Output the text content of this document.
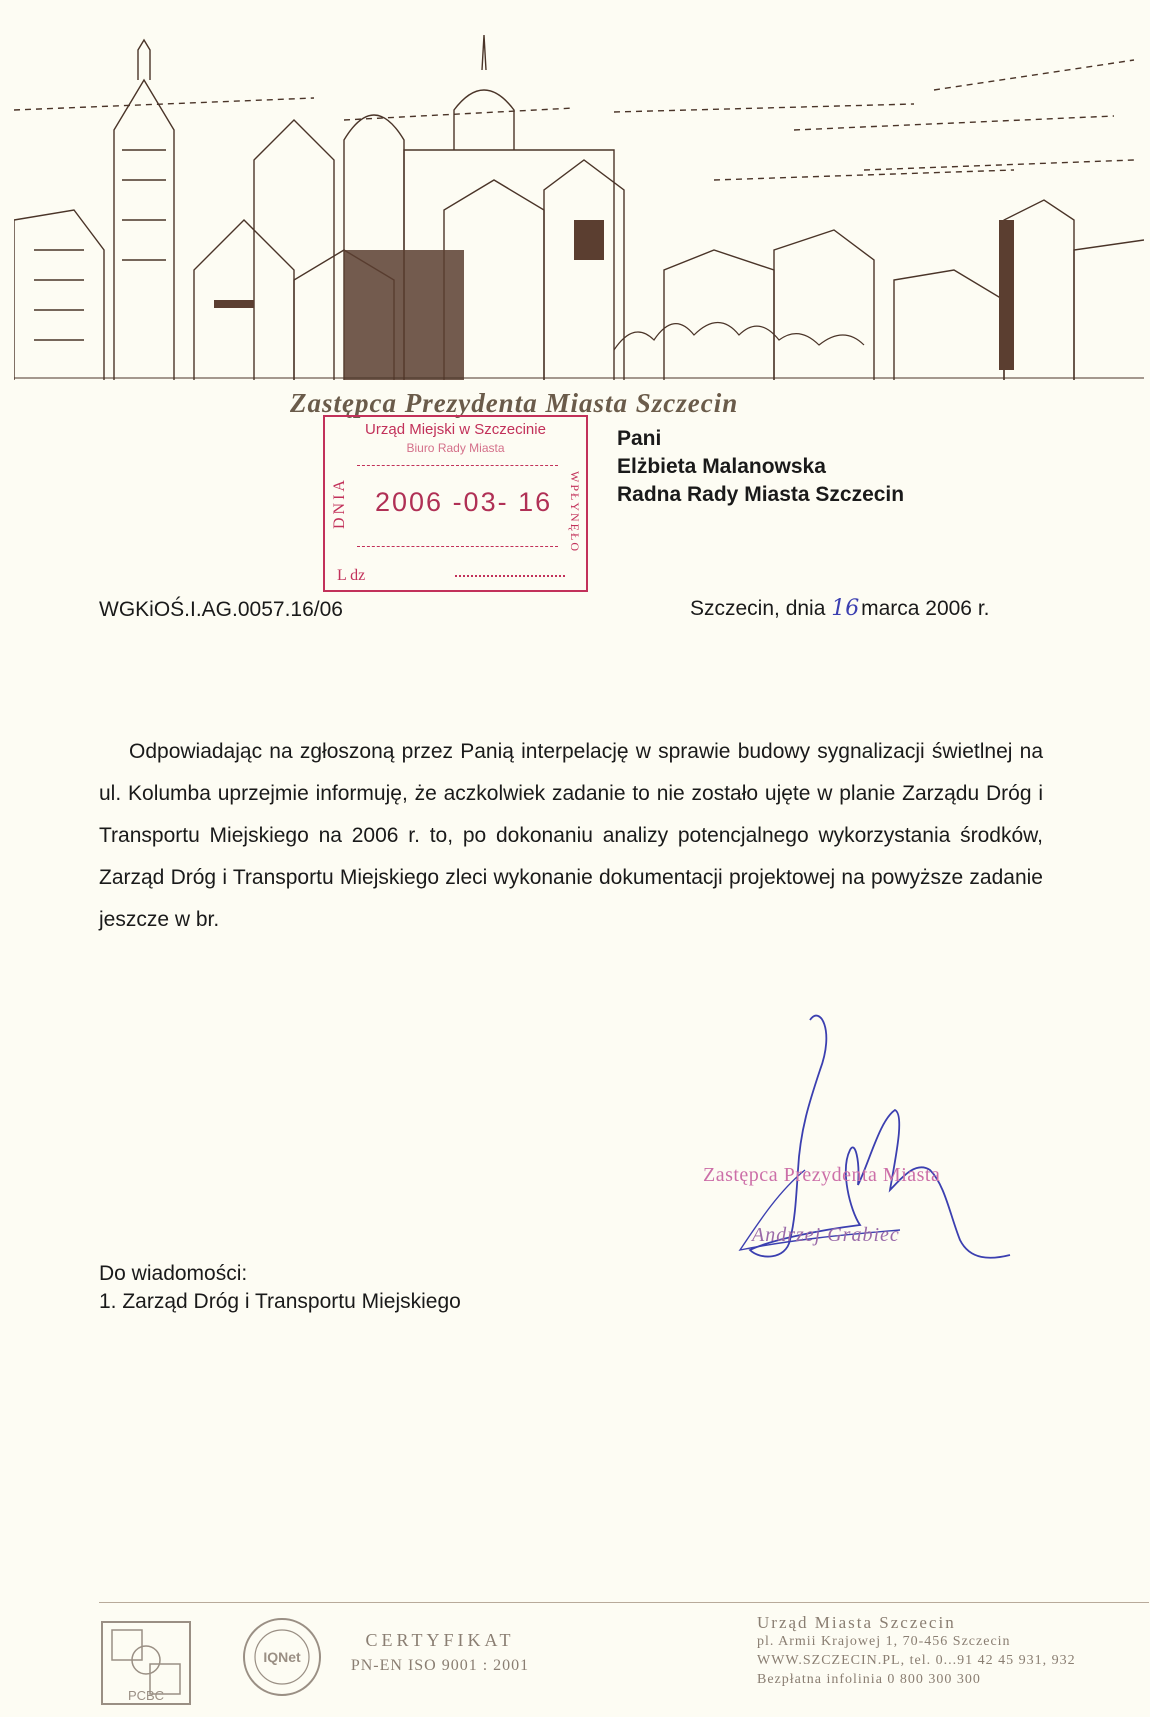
Zastępca Prezydenta Miasta Szczecin
Urząd Miejski w Szczecinie
Biuro Rady Miasta
DNIA	WPŁYNĘŁO
2006 -03- 16
L dz
Pani
Elżbieta Malanowska
Radna Rady Miasta Szczecin
WGKiOŚ.I.AG.0057.16/06	Szczecin, dnia 16 marca 2006 r.

Odpowiadając na zgłoszoną przez Panią interpelację w sprawie budowy sygnalizacji świetlnej na ul. Kolumba uprzejmie informuję, że aczkolwiek zadanie to nie zostało ujęte w planie Zarządu Dróg i Transportu Miejskiego na 2006 r. to, po dokonaniu analizy potencjalnego wykorzystania środków, Zarząd Dróg i Transportu Miejskiego zleci wykonanie dokumentacji projektowej na powyższe zadanie jeszcze w br.

Zastępca Prezydenta Miasta
Andrzej Grabiec
Do wiadomości:
1. Zarząd Dróg i Transportu Miejskiego
PCBC
IQNet
CERTYFIKAT
PN-EN ISO 9001 : 2001
Urząd Miasta Szczecin
pl. Armii Krajowej 1, 70-456 Szczecin
WWW.SZCZECIN.PL, tel. 0...91 42 45 931, 932
Bezpłatna infolinia 0 800 300 300
